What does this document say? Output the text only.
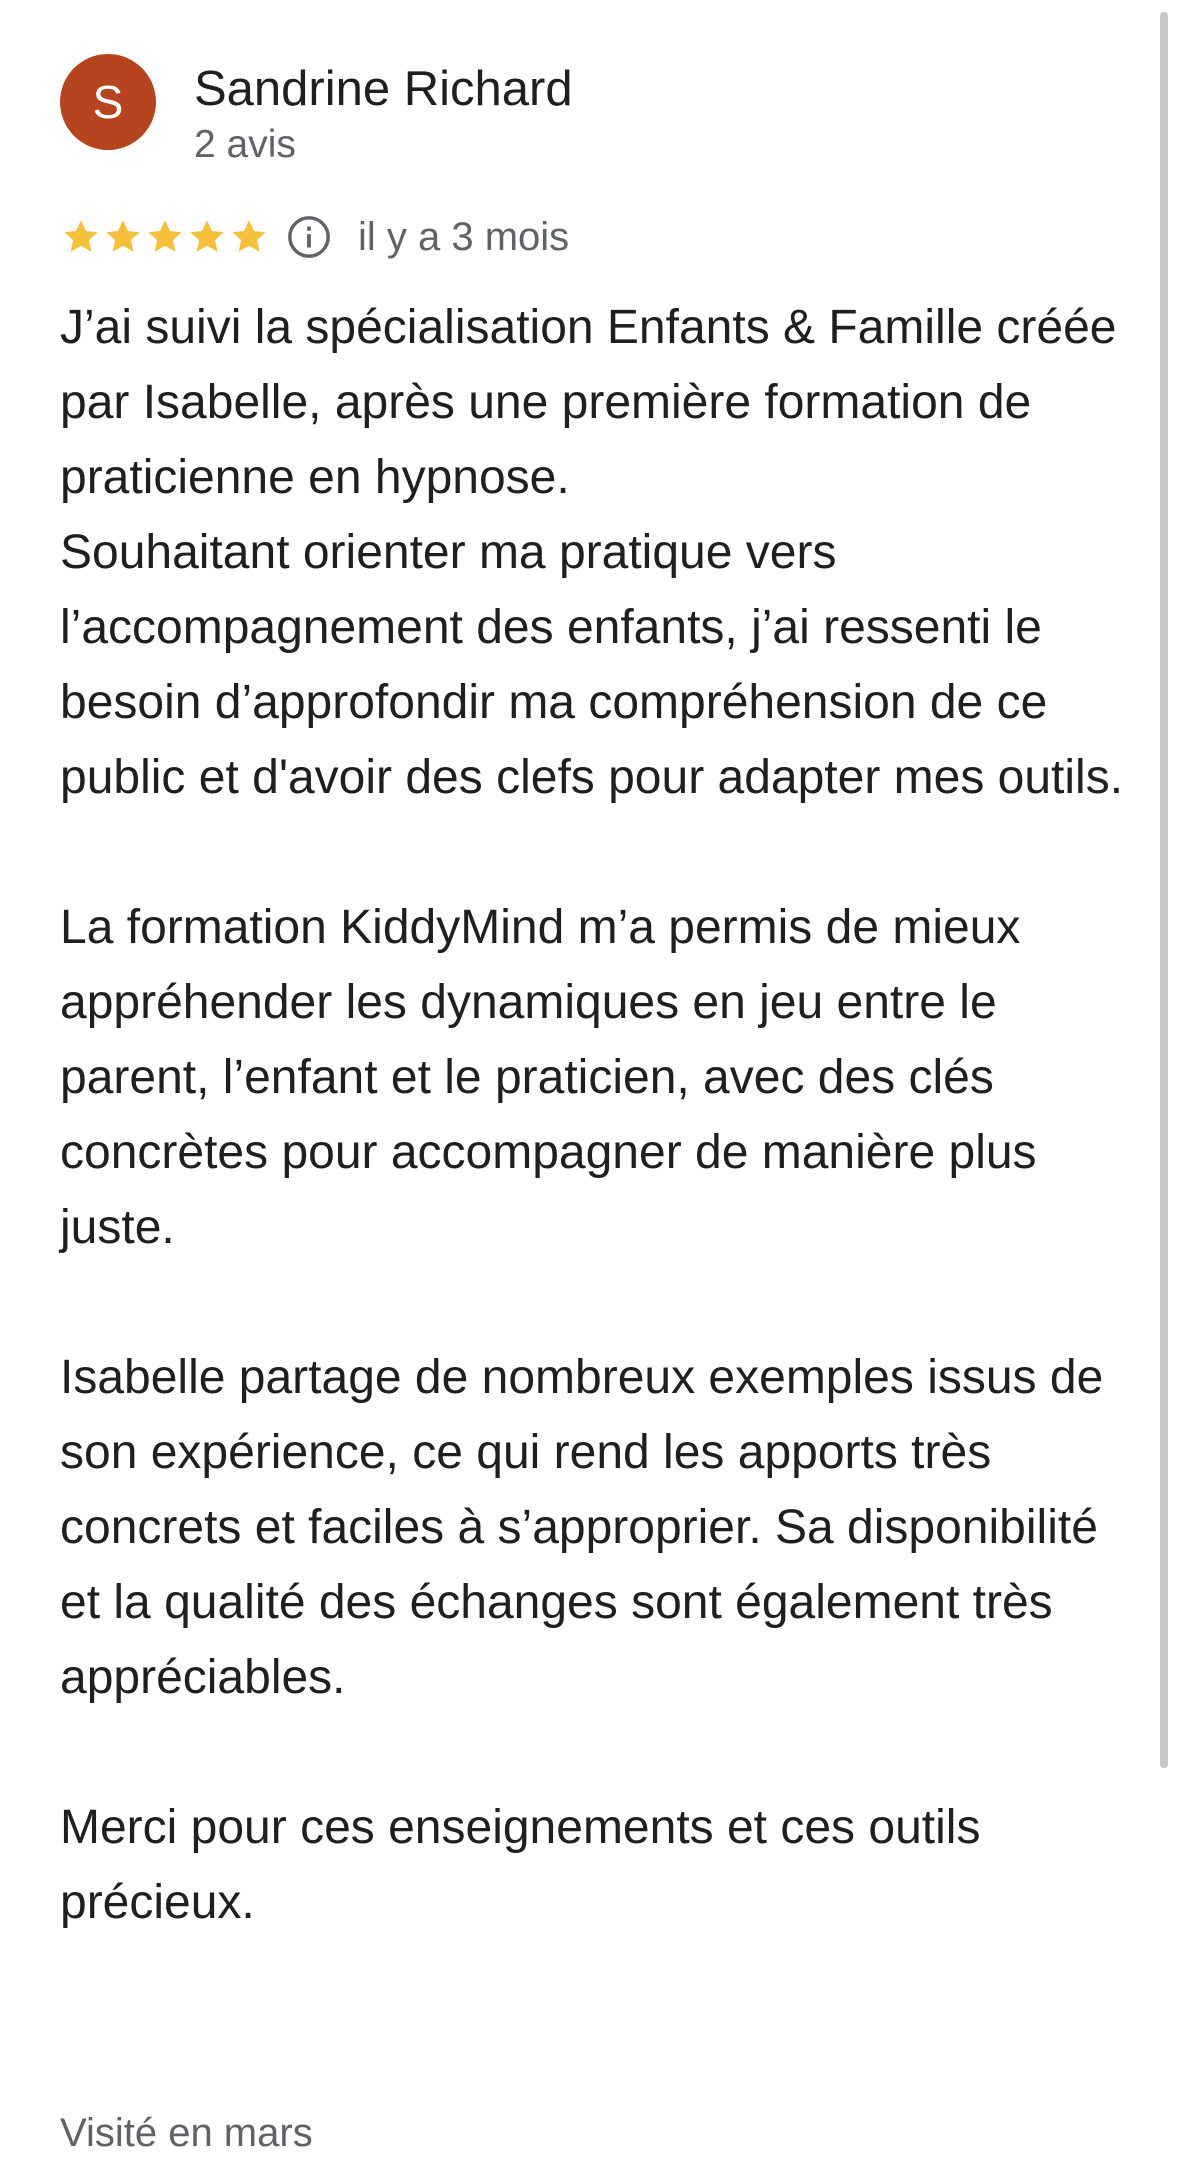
S Sandrine Richard
2 avis
il y a 3 mois

J’ai suivi la spécialisation Enfants & Famille créée par Isabelle, après une première formation de praticienne en hypnose.
Souhaitant orienter ma pratique vers l’accompagnement des enfants, j’ai ressenti le besoin d’approfondir ma compréhension de ce public et d'avoir des clefs pour adapter mes outils.

La formation KiddyMind m’a permis de mieux appréhender les dynamiques en jeu entre le parent, l’enfant et le praticien, avec des clés concrètes pour accompagner de manière plus juste.

Isabelle partage de nombreux exemples issus de son expérience, ce qui rend les apports très concrets et faciles à s’approprier. Sa disponibilité et la qualité des échanges sont également très appréciables.

Merci pour ces enseignements et ces outils précieux.

Visité en mars
